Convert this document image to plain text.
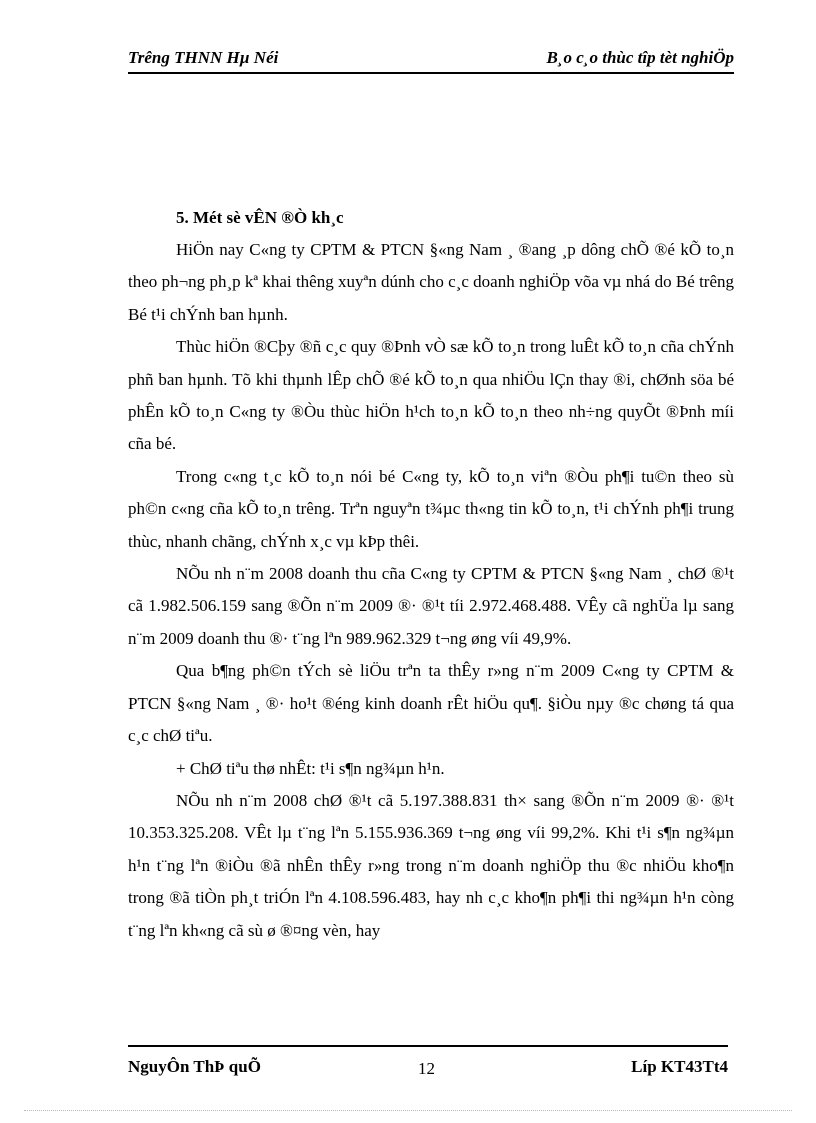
Trêng THNN Hµ Néi	B¸o c¸o thùc tîp tèt nghiÖp
5. Mét sè vÊN ®Ò kh¸c

HiÖn nay C«ng ty CPTM & PTCN §«ng Nam ¸ ®ang ¸p dông chÕ ®é kÕ to¸n theo ph¬ng ph¸p kª khai thêng xuyªn dúnh cho c¸c doanh nghiÖp võa vµ nhá do Bé trêng Bé t¹i chÝnh ban hµnh.

Thùc hiÖn ®Cþy ®ñ c¸c quy ®Þnh vÒ sæ kÕ to¸n trong luÊt kÕ to¸n cña chÝnh phñ ban hµnh. Tõ khi thµnh lÊp chÕ ®é kÕ to¸n qua nhiÖu lÇn thay ®i, chØnh söa bé phÊn kÕ to¸n C«ng ty ®Òu thùc hiÖn h¹ch to¸n kÕ to¸n theo nh÷ng quyÕt ®Þnh míi cña bé.

Trong c«ng t¸c kÕ to¸n nói bé C«ng ty, kÕ to¸n viªn ®Òu ph¶i tu©n theo sù ph©n c«ng cña kÕ to¸n trêng. Trªn nguyªn t¾µc th«ng tin kÕ to¸n, t¹i chÝnh ph¶i trung thùc, nhanh chãng, chÝnh x¸c vµ kÞp thêi.

NÕu nh n¨m 2008 doanh thu cña C«ng ty CPTM & PTCN §«ng Nam ¸ chØ ®¹t cã 1.982.506.159 sang ®Õn n¨m 2009 ®· ®¹t tíi 2.972.468.488. VÊy cã nghÜa lµ sang n¨m 2009 doanh thu ®· t¨ng lªn 989.962.329 t¬ng øng víi 49,9%.

Qua b¶ng ph©n tÝch sè liÖu trªn ta thÊy r»ng n¨m 2009 C«ng ty CPTM & PTCN §«ng Nam ¸ ®· ho¹t ®éng kinh doanh rÊt hiÖu qu¶. §iÒu nµy ®c chøng tá qua c¸c chØ tiªu.

+ ChØ tiªu thø nhÊt: t¹i s¶n ng¾µn h¹n.

NÕu nh n¨m 2008 chØ ®¹t cã 5.197.388.831 th× sang ®Õn n¨m 2009 ®· ®¹t 10.353.325.208. VÊt lµ t¨ng lªn 5.155.936.369 t¬ng øng víi 99,2%. Khi t¹i s¶n ng¾µn h¹n t¨ng lªn ®iÒu ®ã nhÊn thÊy r»ng trong n¨m doanh nghiÖp thu ®c nhiÖu kho¶n trong ®ã tiÒn ph¸t triÓn lªn 4.108.596.483, hay nh c¸c kho¶n ph¶i thi ng¾µn h¹n còng t¨ng lªn kh«ng cã sù ø ®¤ng vèn, hay

NguyÔn ThÞ quÕ	12	Líp KT43Tt4
